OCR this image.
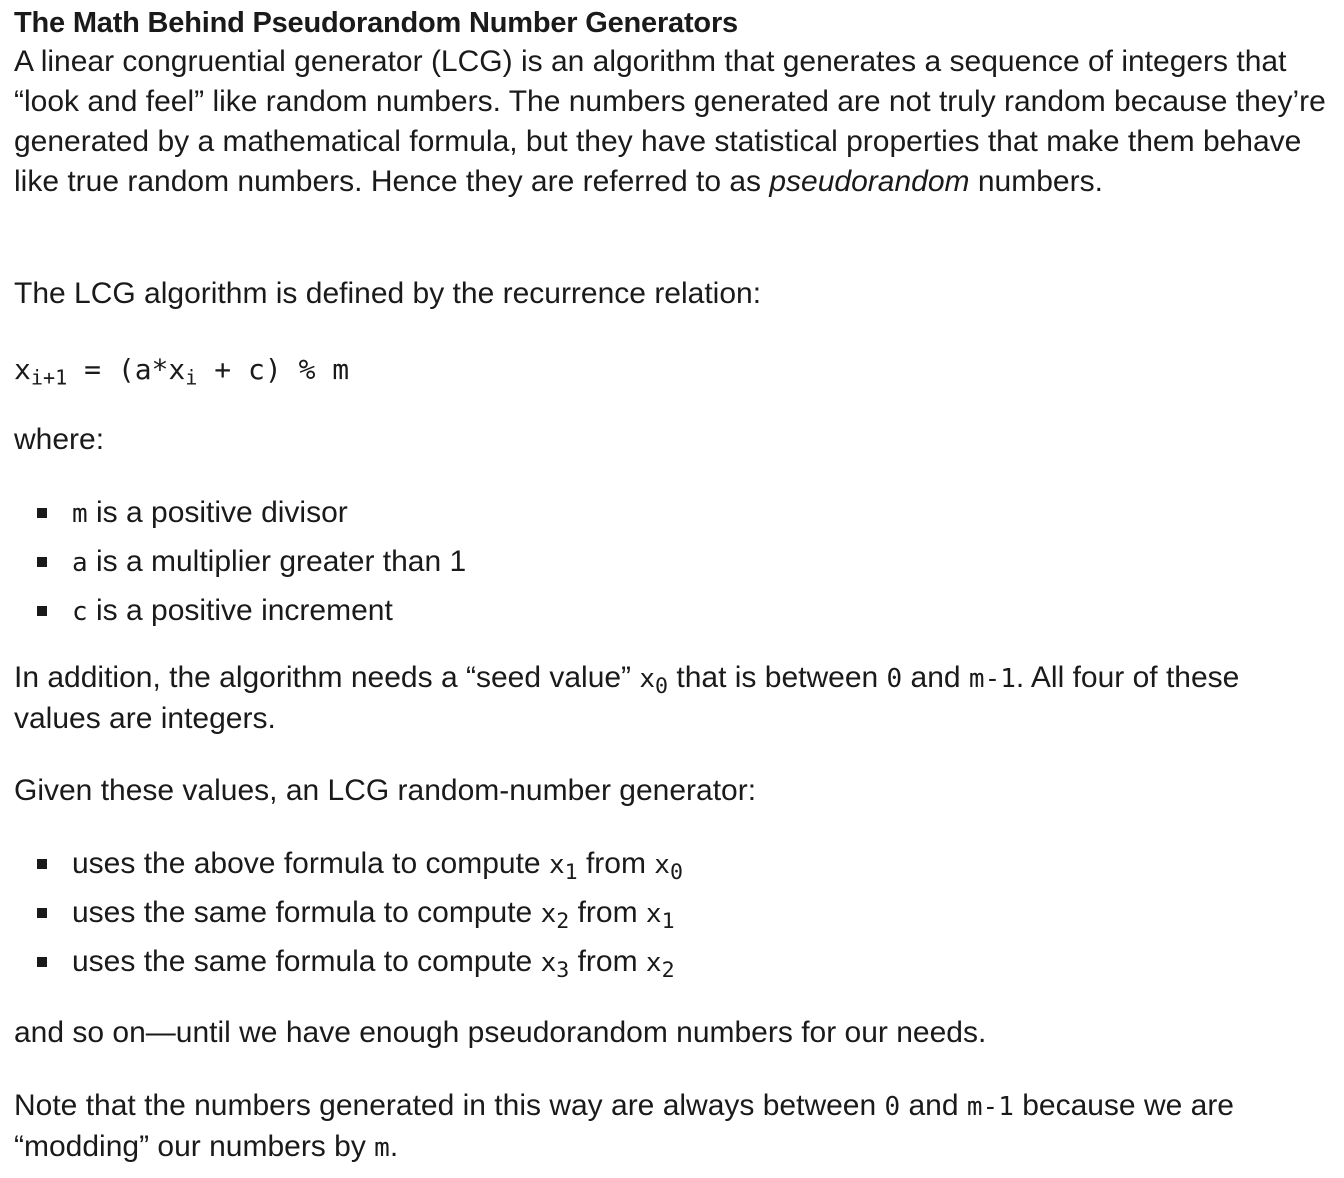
The Math Behind Pseudorandom Number Generators

A linear congruential generator (LCG) is an algorithm that generates a sequence of integers that “look and feel” like random numbers. The numbers generated are not truly random because they’re generated by a mathematical formula, but they have statistical properties that make them behave like true random numbers. Hence they are referred to as pseudorandom numbers.

The LCG algorithm is defined by the recurrence relation:

$x_{i+1} = (a*x_i + c)$ % m

where:

m is a positive divisor
a is a multiplier greater than 1
c is a positive increment

In addition, the algorithm needs a “seed value” $x_0$ that is between 0 and m-1. All four of these values are integers.

Given these values, an LCG random-number generator:

uses the above formula to compute $x_1$ from $x_0$
uses the same formula to compute $x_2$ from $x_1$
uses the same formula to compute $x_3$ from $x_2$

and so on—until we have enough pseudorandom numbers for our needs.

Note that the numbers generated in this way are always between 0 and m-1 because we are “modding” our numbers by m.
